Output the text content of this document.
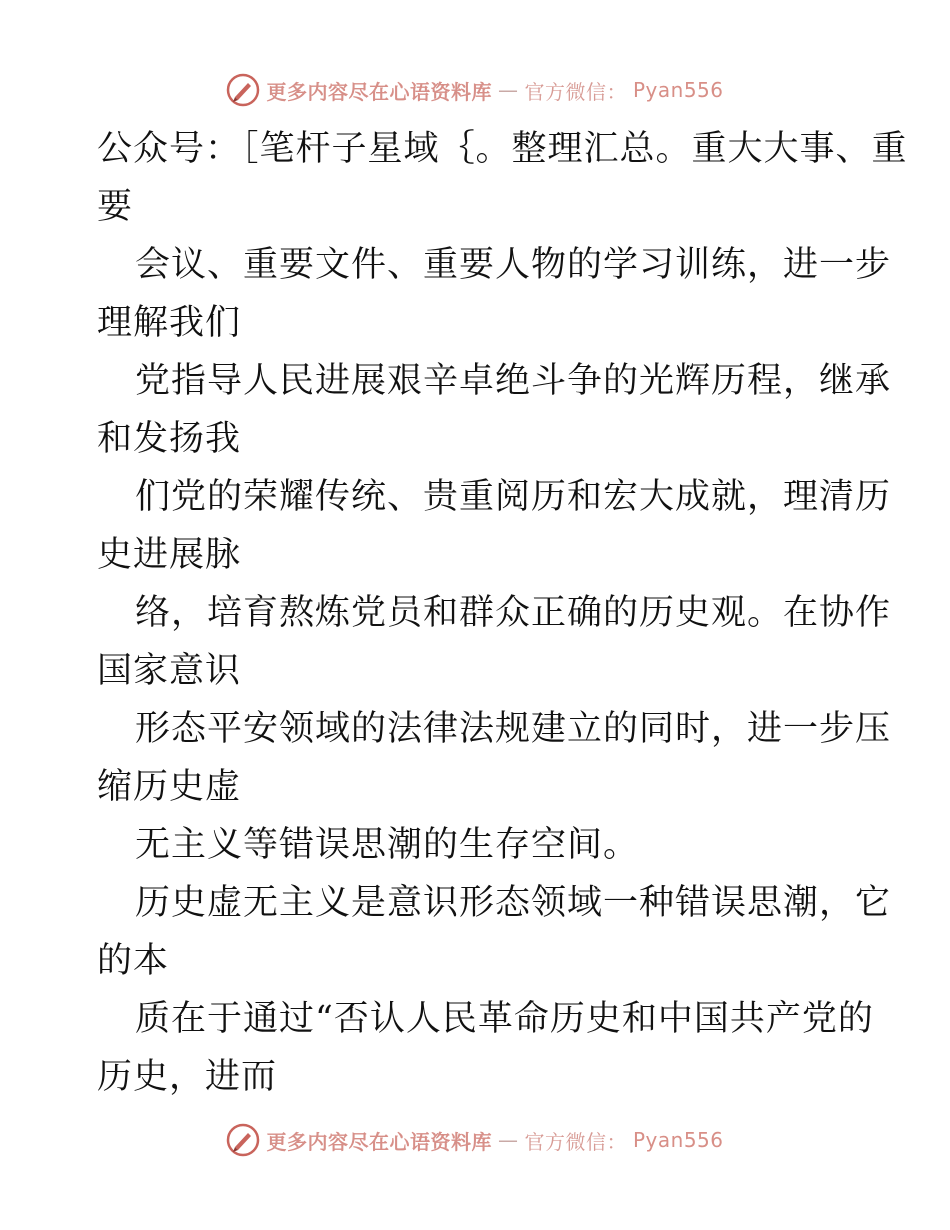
更多内容尽在心语资料库 — 官方微信： Pyan556
公众号：［笔杆子星域｛。整理汇总。重大大事、重
要
会议、重要文件、重要人物的学习训练，进一步
理解我们
党指导人民进展艰辛卓绝斗争的光辉历程，继承
和发扬我
们党的荣耀传统、贵重阅历和宏大成就，理清历
史进展脉
络，培育熬炼党员和群众正确的历史观。在协作
国家意识
形态平安领域的法律法规建立的同时，进一步压
缩历史虚
无主义等错误思潮的生存空间。
历史虚无主义是意识形态领域一种错误思潮，它
的本
质在于通过“否认人民革命历史和中国共产党的
历史，进而
更多内容尽在心语资料库 — 官方微信： Pyan556
